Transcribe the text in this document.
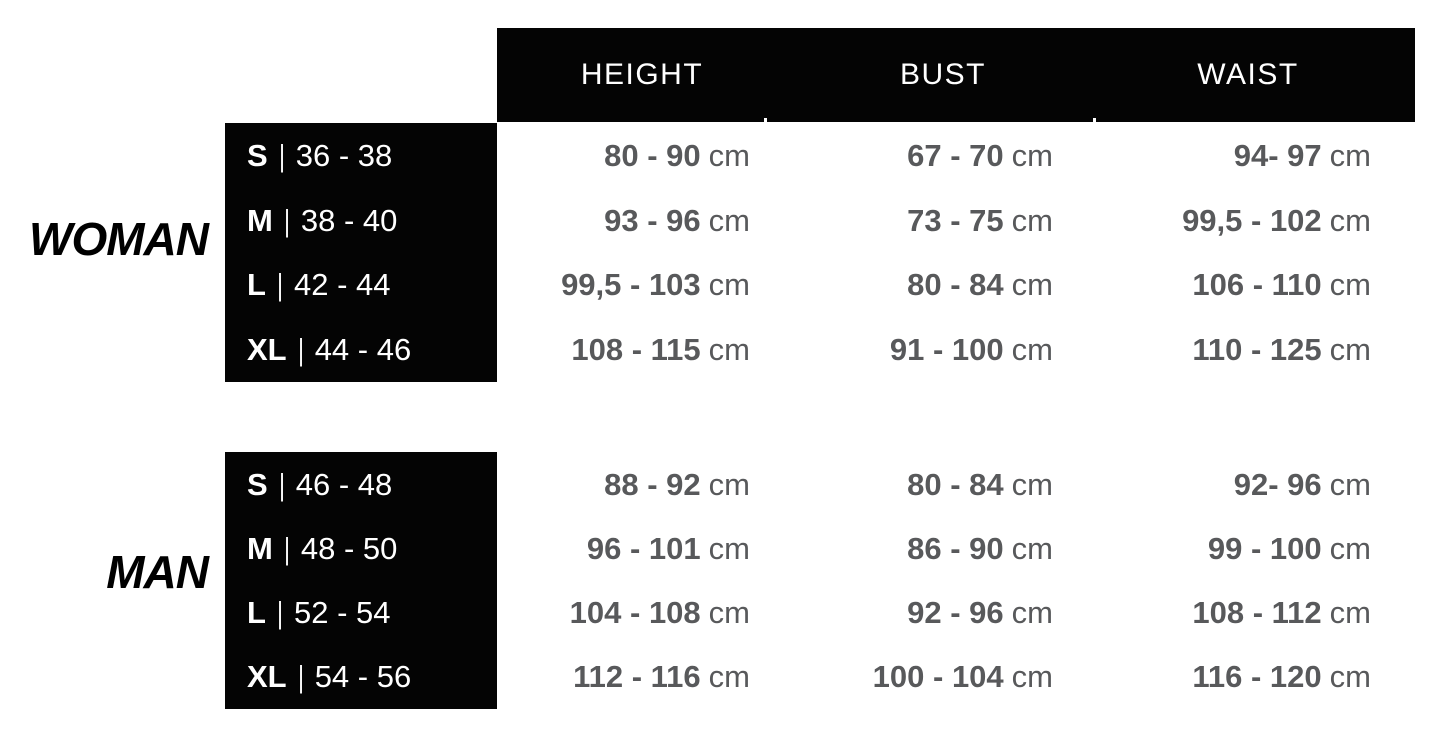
HEIGHT	BUST	WAIST
WOMAN
MAN
S | 36 - 38
M | 38 - 40
L | 42 - 44
XL | 44 - 46
80 - 90 cm
93 - 96 cm
99,5 - 103 cm
108 - 115 cm
67 - 70 cm
73 - 75 cm
80 - 84 cm
91 - 100 cm
94- 97 cm
99,5 - 102 cm
106 - 110 cm
110 - 125 cm
S | 46 - 48
M | 48 - 50
L | 52 - 54
XL | 54 - 56
88 - 92 cm
96 - 101 cm
104 - 108 cm
112 - 116 cm
80 - 84 cm
86 - 90 cm
92 - 96 cm
100 - 104 cm
92- 96 cm
99 - 100 cm
108 - 112 cm
116 - 120 cm
